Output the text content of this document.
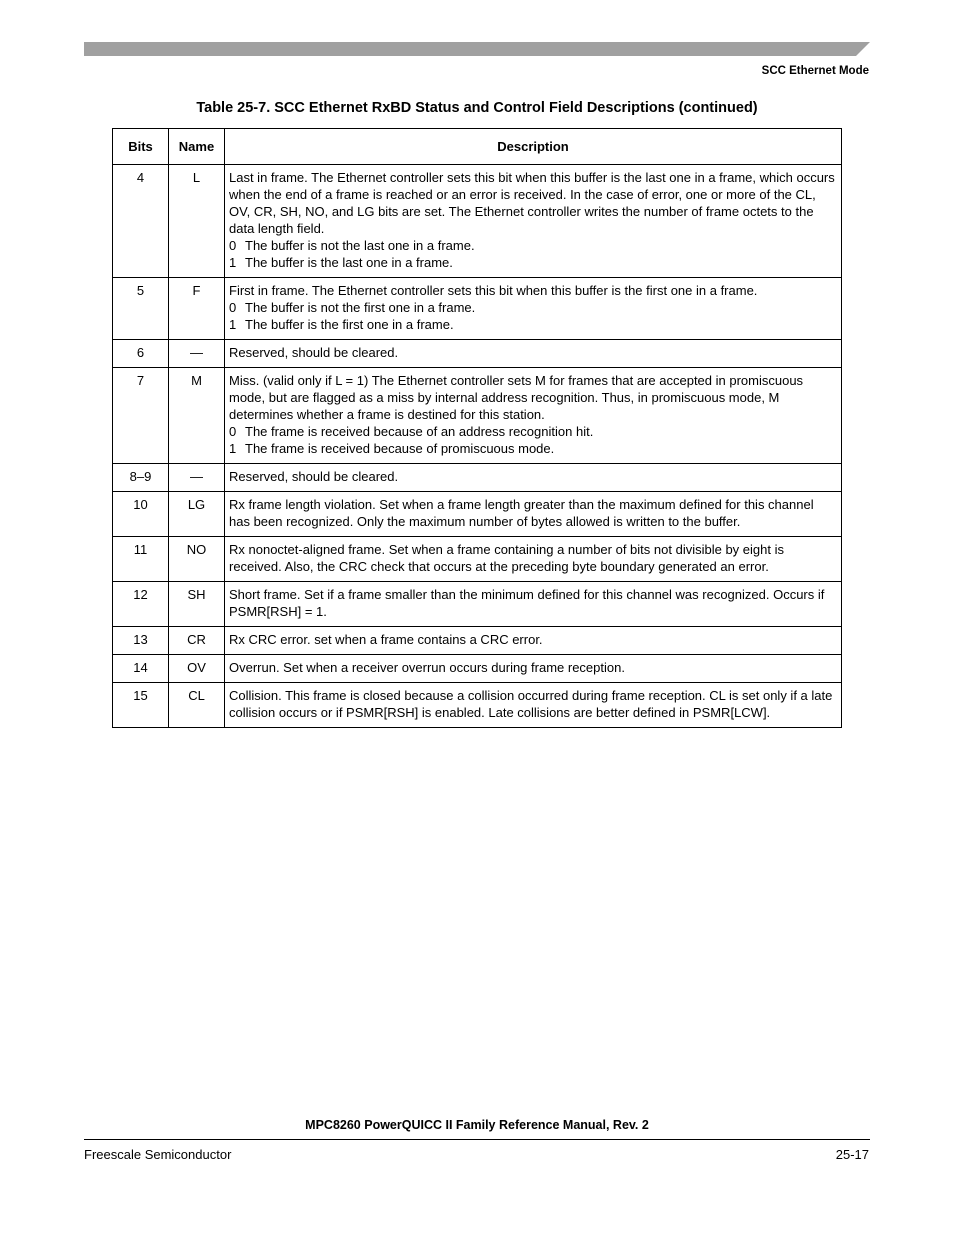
SCC Ethernet Mode
Table 25-7. SCC Ethernet RxBD Status and Control Field Descriptions (continued)
Bits	Name	Description
4	L	Last in frame. The Ethernet controller sets this bit when this buffer is the last one in a frame, which occurs when the end of a frame is reached or an error is received. In the case of error, one or more of the CL, OV, CR, SH, NO, and LG bits are set. The Ethernet controller writes the number of frame octets to the data length field.
0 The buffer is not the last one in a frame.
1 The buffer is the last one in a frame.

5	F	First in frame. The Ethernet controller sets this bit when this buffer is the first one in a frame.
0 The buffer is not the first one in a frame.
1 The buffer is the first one in a frame.

6	—	Reserved, should be cleared.
7	M	Miss. (valid only if L = 1) The Ethernet controller sets M for frames that are accepted in promiscuous mode, but are flagged as a miss by internal address recognition. Thus, in promiscuous mode, M determines whether a frame is destined for this station.
0 The frame is received because of an address recognition hit.
1 The frame is received because of promiscuous mode.

8–9	—	Reserved, should be cleared.
10	LG	Rx frame length violation. Set when a frame length greater than the maximum defined for this channel has been recognized. Only the maximum number of bytes allowed is written to the buffer.
11	NO	Rx nonoctet-aligned frame. Set when a frame containing a number of bits not divisible by eight is received. Also, the CRC check that occurs at the preceding byte boundary generated an error.
12	SH	Short frame. Set if a frame smaller than the minimum defined for this channel was recognized. Occurs if PSMR[RSH] = 1.
13	CR	Rx CRC error. set when a frame contains a CRC error.
14	OV	Overrun. Set when a receiver overrun occurs during frame reception.
15	CL	Collision. This frame is closed because a collision occurred during frame reception. CL is set only if a late collision occurs or if PSMR[RSH] is enabled. Late collisions are better defined in PSMR[LCW].
MPC8260 PowerQUICC II Family Reference Manual, Rev. 2
Freescale Semiconductor	25-17
